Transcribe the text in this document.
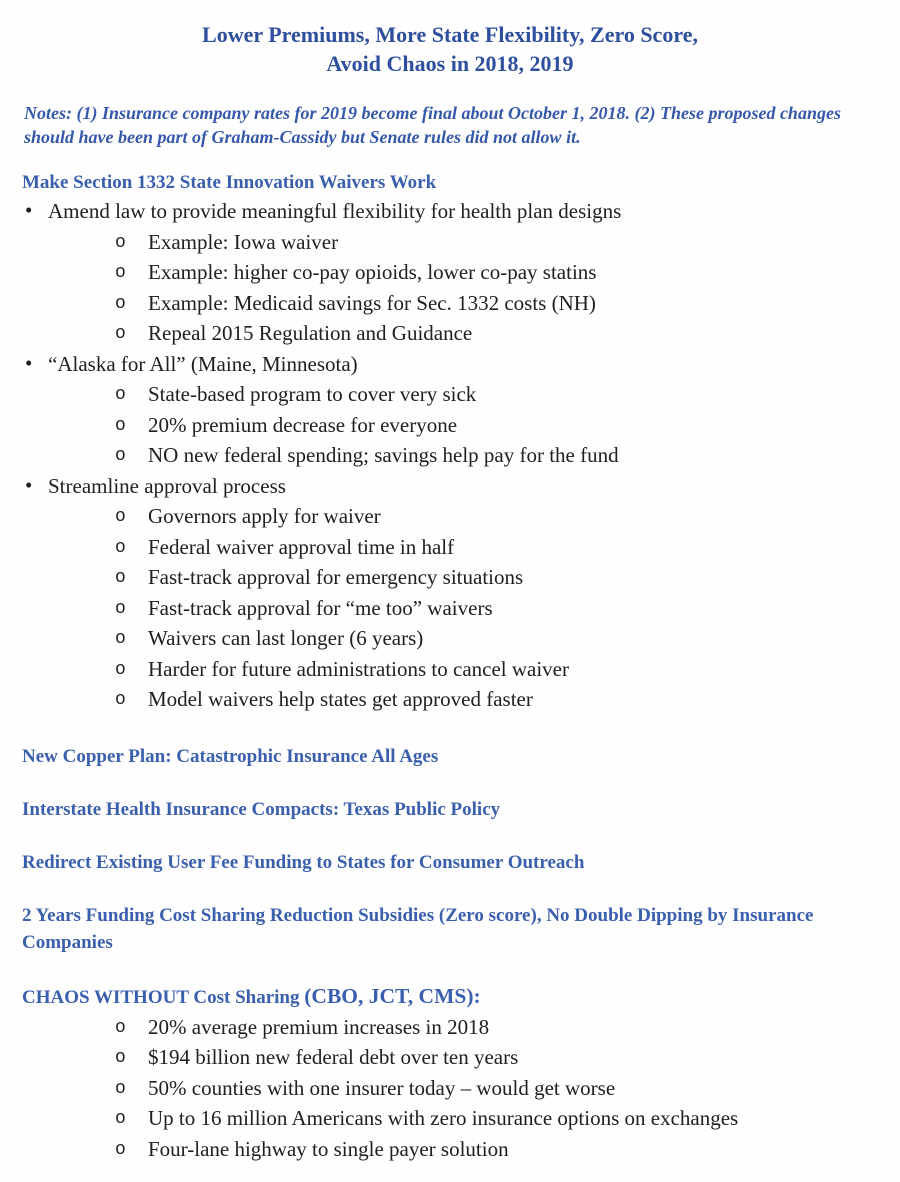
Lower Premiums, More State Flexibility, Zero Score,
Avoid Chaos in 2018, 2019

Notes: (1) Insurance company rates for 2019 become final about October 1, 2018. (2) These proposed changes should have been part of Graham-Cassidy but Senate rules did not allow it.

Make Section 1332 State Innovation Waivers Work
• Amend law to provide meaningful flexibility for health plan designs
o Example: Iowa waiver
o Example: higher co-pay opioids, lower co-pay statins
o Example: Medicaid savings for Sec. 1332 costs (NH)
o Repeal 2015 Regulation and Guidance
• “Alaska for All” (Maine, Minnesota)
o State-based program to cover very sick
o 20% premium decrease for everyone
o NO new federal spending; savings help pay for the fund
• Streamline approval process
o Governors apply for waiver
o Federal waiver approval time in half
o Fast-track approval for emergency situations
o Fast-track approval for “me too” waivers
o Waivers can last longer (6 years)
o Harder for future administrations to cancel waiver
o Model waivers help states get approved faster
New Copper Plan: Catastrophic Insurance All Ages
Interstate Health Insurance Compacts: Texas Public Policy
Redirect Existing User Fee Funding to States for Consumer Outreach
2 Years Funding Cost Sharing Reduction Subsidies (Zero score), No Double Dipping by Insurance Companies
CHAOS WITHOUT Cost Sharing (CBO, JCT, CMS):
o 20% average premium increases in 2018
o $194 billion new federal debt over ten years
o 50% counties with one insurer today – would get worse
o Up to 16 million Americans with zero insurance options on exchanges
o Four-lane highway to single payer solution
